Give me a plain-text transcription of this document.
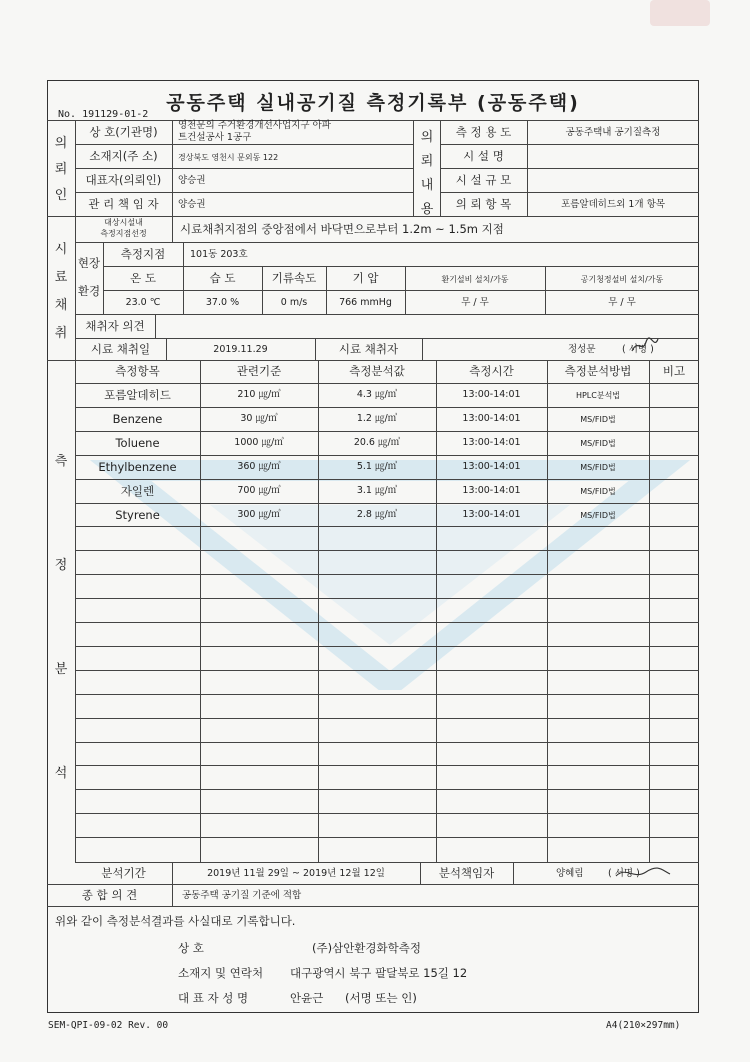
공동주택 실내공기질 측정기록부 (공동주택)
No. 191129-01-2
의
뢰
인
상 호(기관명)	영천문의 주거환경개선사업지구 아파
트건설공사 1공구
소재지(주 소)	경상북도 영천시 문외동 122
대표자(의뢰인)	양승권
관 리 책 임 자	양승권
의
뢰
내
용
측 정 용 도	공동주택내 공기질측정
시 설 명
시 설 규 모
의 뢰 항 목	포름알데히드외 1개 항목
시
료
채
취
대상시설내
측정지점선정	시료채취지점의 중앙점에서 바닥면으로부터 1.2m ~ 1.5m 지점
현장
환경
측정지점	101동 203호
온 도	습 도	기류속도	기 압	환기설비 설치/가동	공기청정설비 설치/가동
23.0 ℃	37.0 %	0 m/s	766 mmHg	무 / 무	무 / 무
채취자 의견
시료 채취일	2019.11.29	시료 채취자	정성문	( 서명 )
측
정
분
석
측정항목	관련기준	측정분석값	측정시간	측정분석방법	비고
포름알데히드	210 ㎍/㎥	4.3 ㎍/㎥	13:00-14:01	HPLC분석법
Benzene	30 ㎍/㎥	1.2 ㎍/㎥	13:00-14:01	MS/FID법
Toluene	1000 ㎍/㎥	20.6 ㎍/㎥	13:00-14:01	MS/FID법
Ethylbenzene	360 ㎍/㎥	5.1 ㎍/㎥	13:00-14:01	MS/FID법
자일렌	700 ㎍/㎥	3.1 ㎍/㎥	13:00-14:01	MS/FID법
Styrene	300 ㎍/㎥	2.8 ㎍/㎥	13:00-14:01	MS/FID법
분석기간	2019년 11월 29일 ~ 2019년 12월 12일	분석책임자	양혜림	( 서명 )
종 합 의 견	공동주택 공기질 기준에 적합
위와 같이 측정분석결과를 사실대로 기록합니다.
상 호	(주)삼안환경화학측정
소재지 및 연락처 대구광역시 북구 팔달북로 15길 12
대 표 자 성 명	안윤근 (서명 또는 인)
SEM-QPI-09-02 Rev. 00	A4(210×297mm)
